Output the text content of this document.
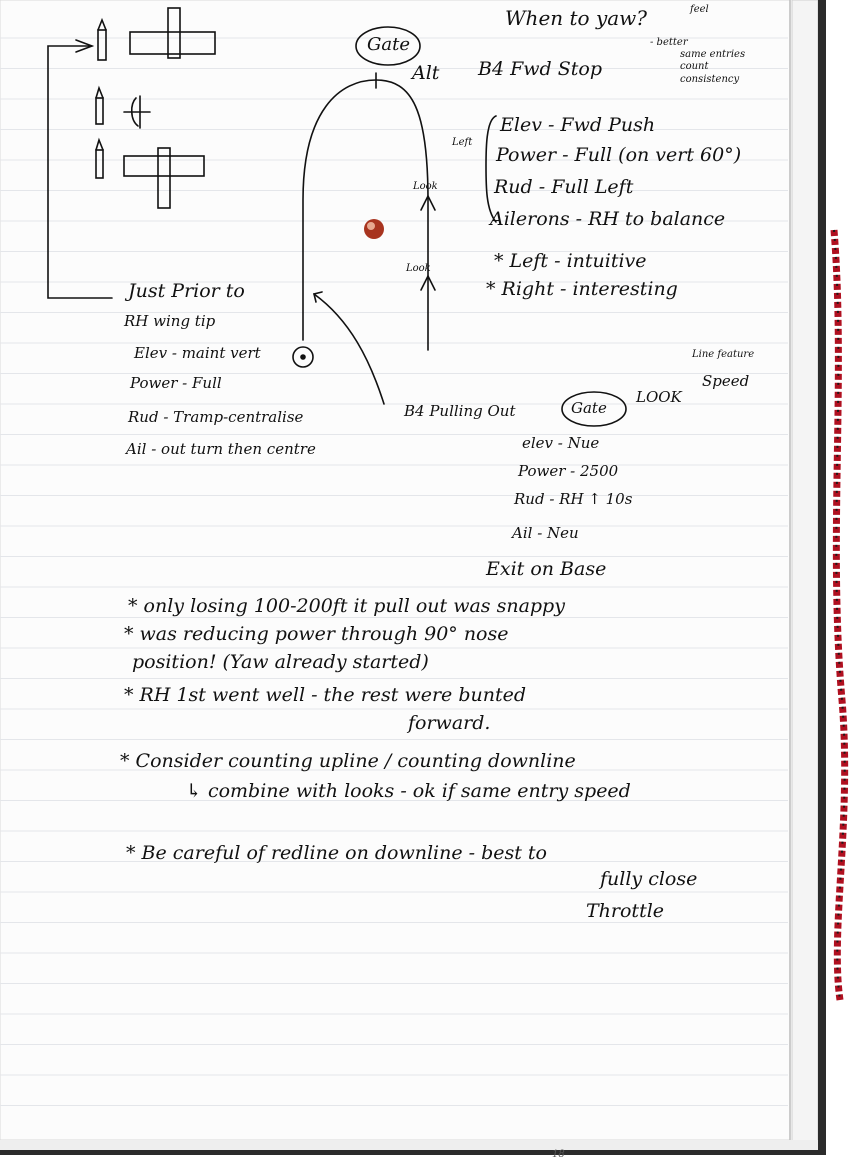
When to yaw?	feel
- better
same entries
count
consistency
Gate
Alt B4 Fwd Stop
Left
Look
Look
Elev - Fwd Push
Power - Full (on vert 60°)
Rud - Full Left
Ailerons - RH to balance
* Left - intuitive
* Right - interesting
Just Prior to
RH wing tip
Elev - maint vert
Power - Full
Rud - Tramp-centralise
Ail - out turn then centre
B4 Pulling Out	Gate
LOOK
Line feature
Speed
elev - Nue
Power - 2500
Rud - RH ↑ 10s
Ail - Neu
Exit on Base
* only losing 100-200ft it pull out was snappy
* was reducing power through 90° nose
position! (Yaw already started)
* RH 1st went well - the rest were bunted
forward.
* Consider counting upline / counting downline
↳ combine with looks - ok if same entry speed
* Be careful of redline on downline - best to
fully close
Throttle
18
